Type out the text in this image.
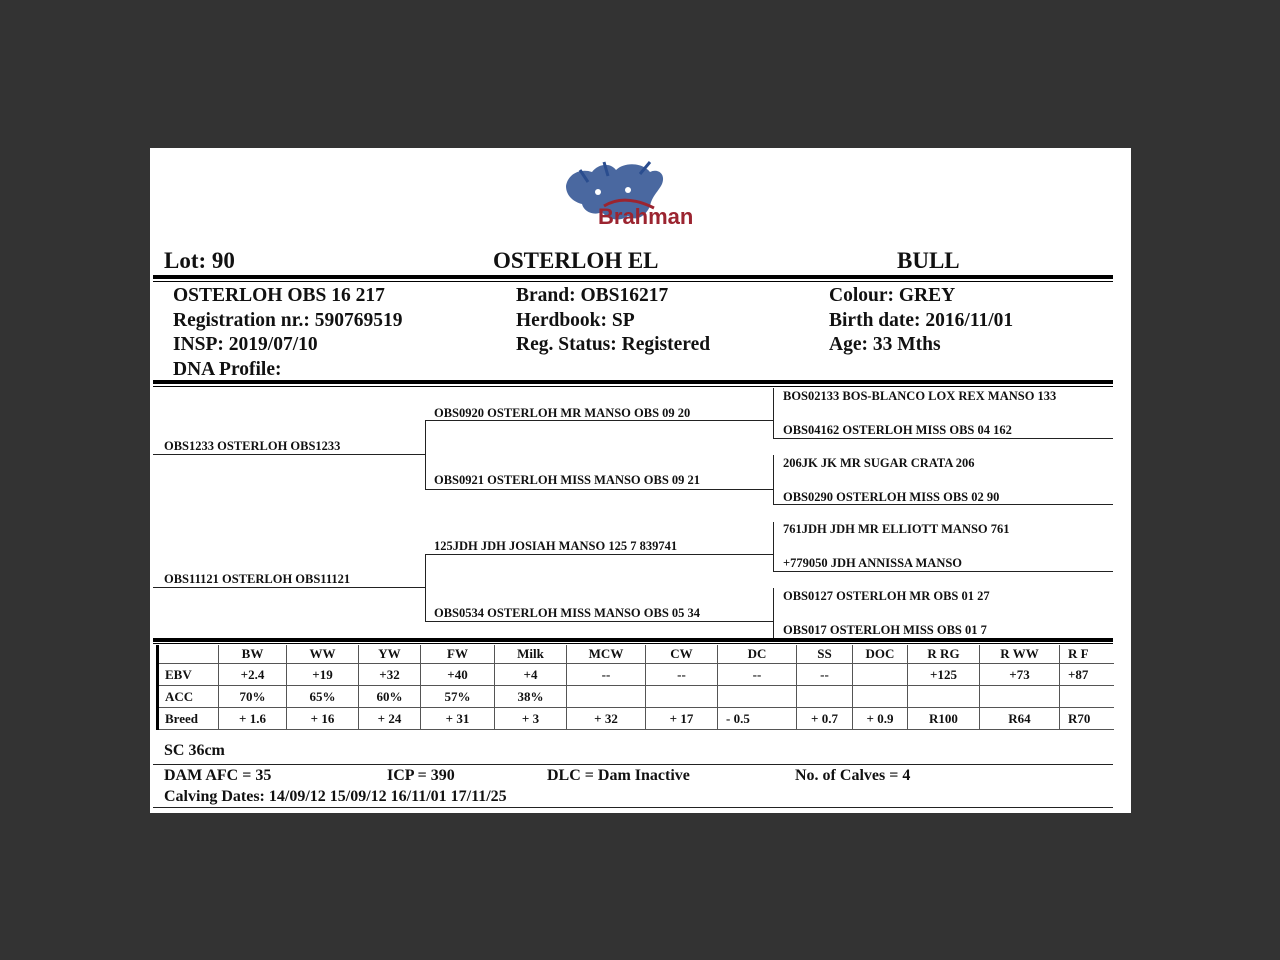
Brahman
Lot: 90	OSTERLOH EL	BULL
OSTERLOH OBS 16 217
Registration nr.: 590769519
INSP: 2019/07/10
DNA Profile:
Brand: OBS16217
Herdbook: SP
Reg. Status: Registered
Colour: GREY
Birth date: 2016/11/01
Age: 33 Mths
OBS1233 OSTERLOH OBS1233
OBS11121 OSTERLOH OBS11121
OBS0920 OSTERLOH MR MANSO OBS 09 20
OBS0921 OSTERLOH MISS MANSO OBS 09 21
125JDH JDH JOSIAH MANSO 125 7 839741
OBS0534 OSTERLOH MISS MANSO OBS 05 34
BOS02133 BOS-BLANCO LOX REX MANSO 133
OBS04162 OSTERLOH MISS OBS 04 162
206JK JK MR SUGAR CRATA 206
OBS0290 OSTERLOH MISS OBS 02 90
761JDH JDH MR ELLIOTT MANSO 761
+779050 JDH ANNISSA MANSO
OBS0127 OSTERLOH MR OBS 01 27
OBS017 OSTERLOH MISS OBS 01 7
	BW	WW	YW	FW	Milk	MCW	CW	DC	SS	DOC	R RG	R WW	R F
EBV	+2.4	+19	+32	+40	+4	--	--	--	--		+125	+73	+87
ACC	70%	65%	60%	57%	38%								
Breed	+ 1.6	+ 16	+ 24	+ 31	+ 3	+ 32	+ 17	- 0.5	+ 0.7	+ 0.9	R100	R64	R70
SC 36cm
DAM AFC = 35	ICP = 390	DLC = Dam Inactive	No. of Calves = 4
Calving Dates: 14/09/12 15/09/12 16/11/01 17/11/25
